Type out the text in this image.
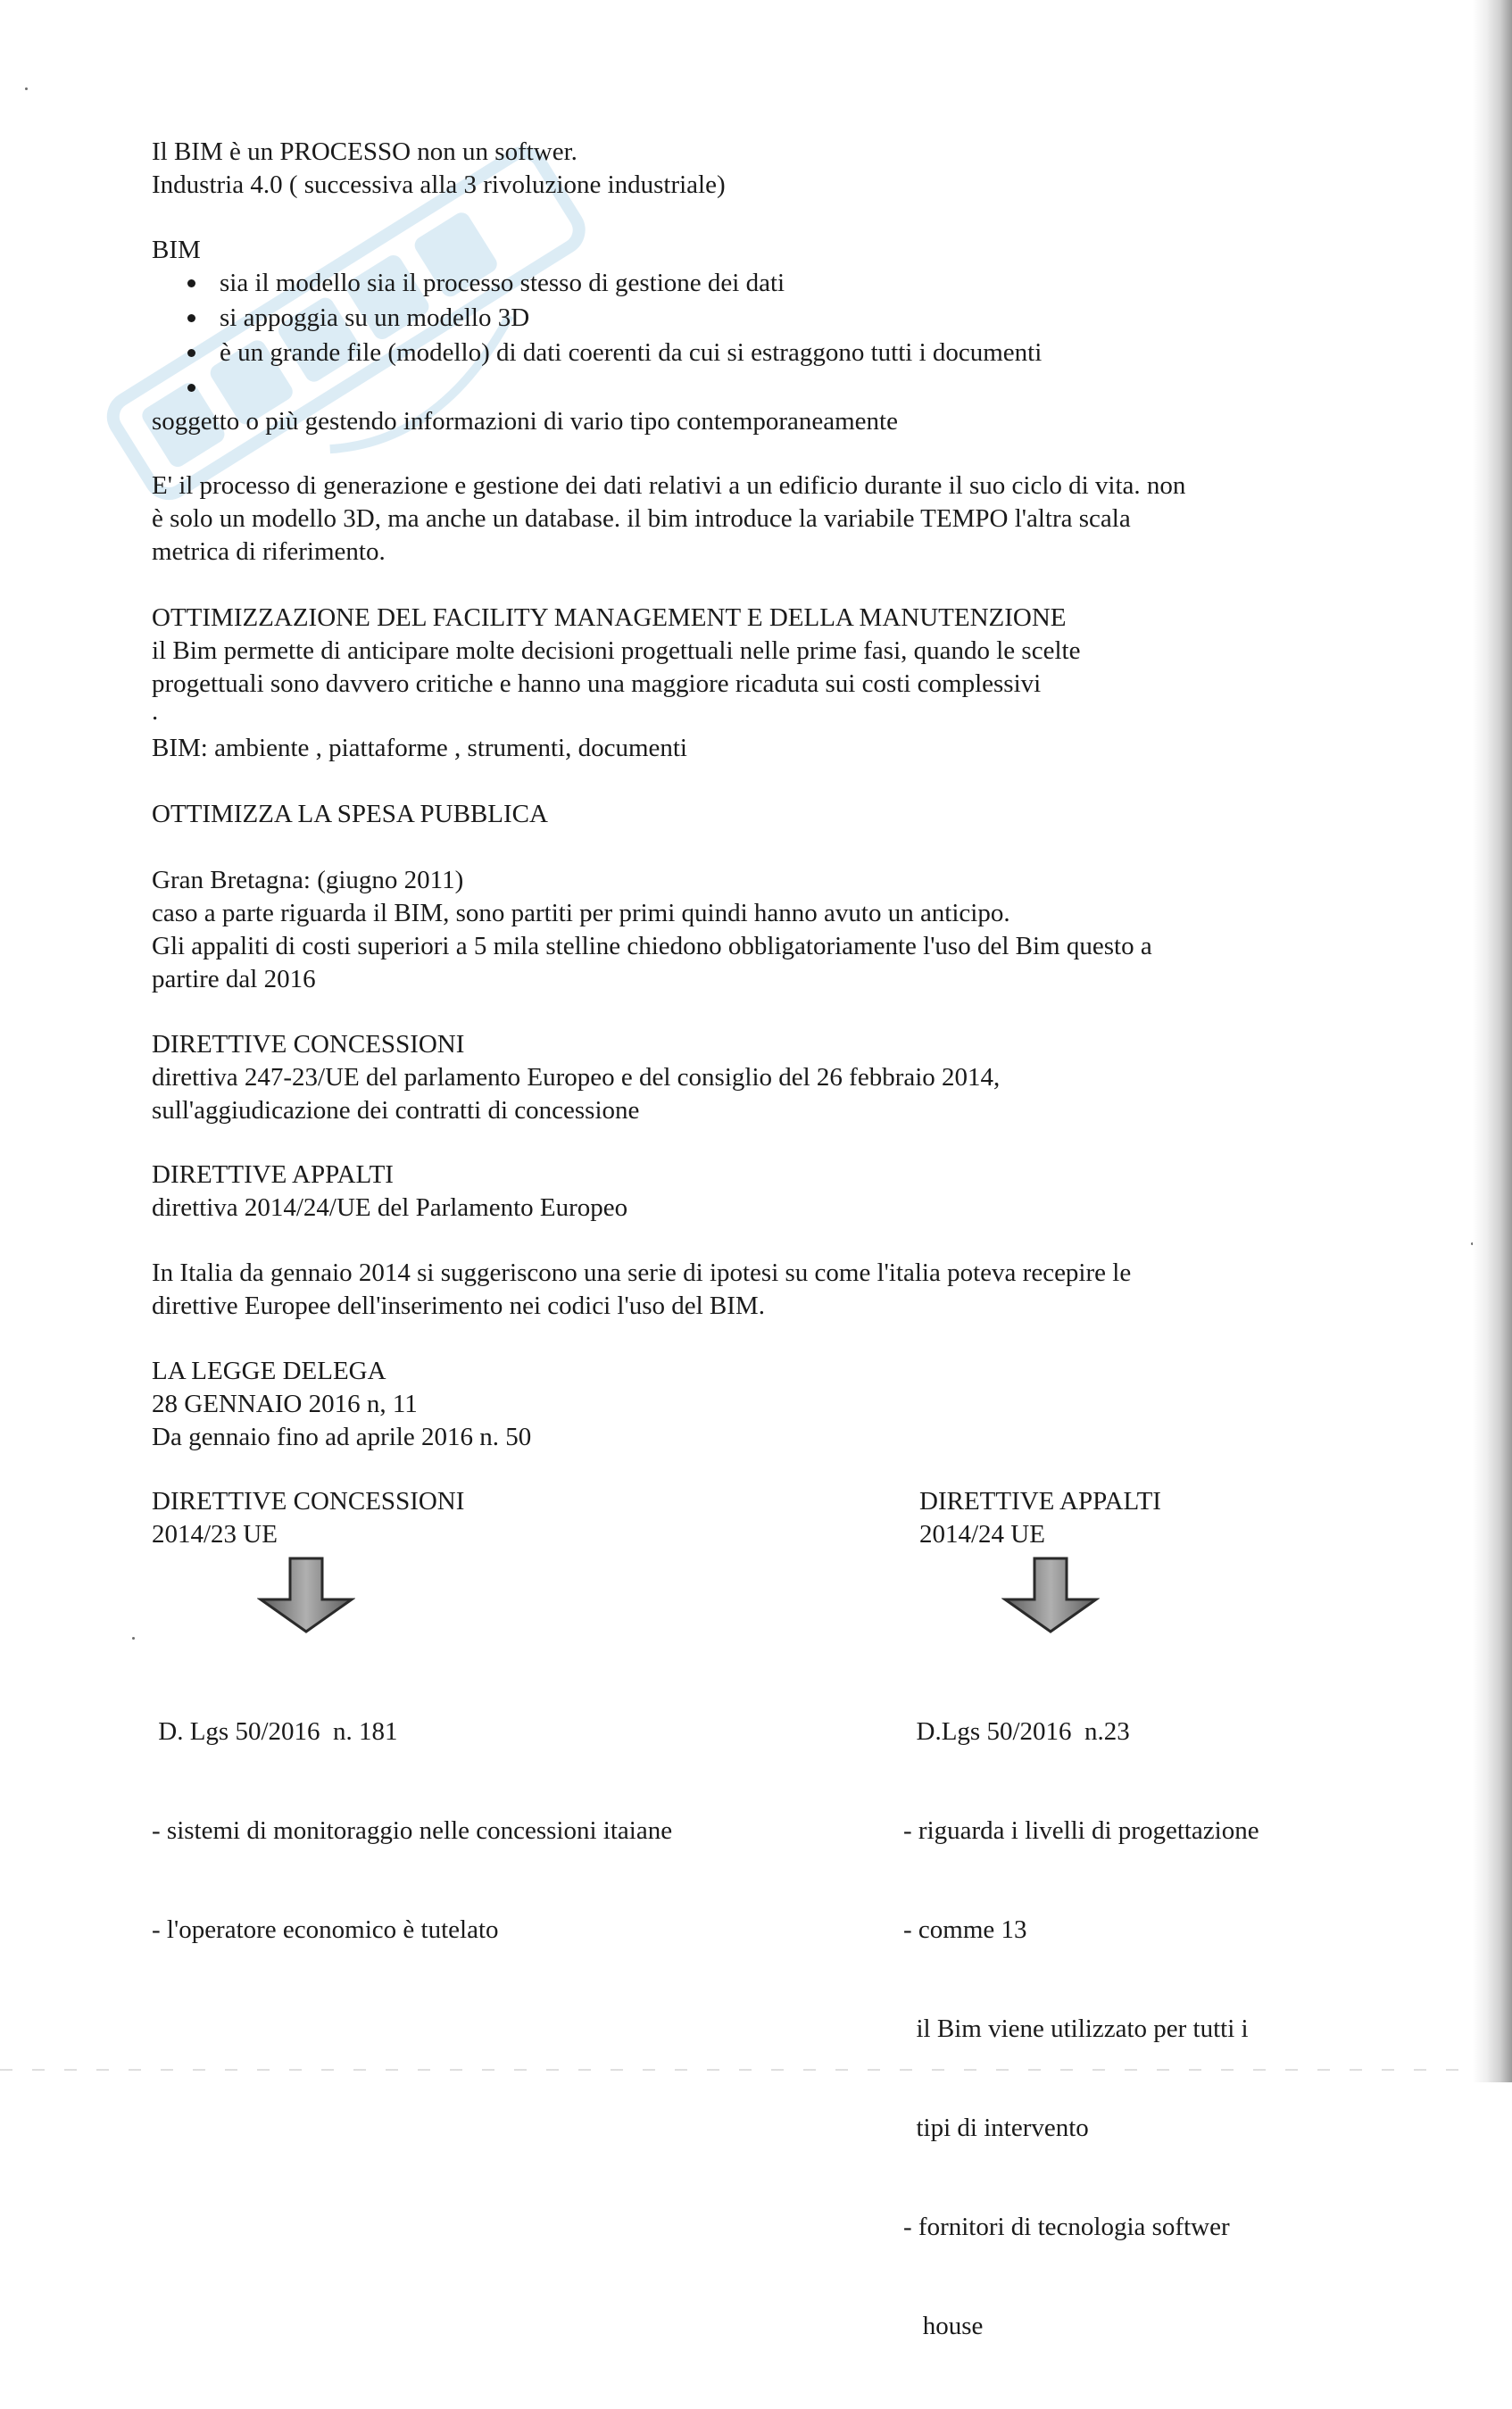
Il BIM è un PROCESSO non un softwer.
Industria 4.0 ( successiva alla 3 rivoluzione industriale)
BIM
sia il modello sia il processo stesso di gestione dei dati
si appoggia su un modello 3D
è un grande file (modello) di dati coerenti da cui si estraggono tutti i documenti
soggetto o più gestendo informazioni di vario tipo contemporaneamente
E' il processo di generazione e gestione dei dati relativi a un edificio durante il suo ciclo di vita. non
è solo un modello 3D, ma anche un database. il bim introduce la variabile TEMPO l'altra scala
metrica di riferimento.
OTTIMIZZAZIONE DEL FACILITY MANAGEMENT E DELLA MANUTENZIONE
il Bim permette di anticipare molte decisioni progettuali nelle prime fasi, quando le scelte
progettuali sono davvero critiche e hanno una maggiore ricaduta sui costi complessivi
.
BIM: ambiente , piattaforme , strumenti, documenti
OTTIMIZZA LA SPESA PUBBLICA
Gran Bretagna: (giugno 2011)
caso a parte riguarda il BIM, sono partiti per primi quindi hanno avuto un anticipo.
Gli appaliti di costi superiori a 5 mila stelline chiedono obbligatoriamente l'uso del Bim questo a
partire dal 2016
DIRETTIVE CONCESSIONI
direttiva 247-23/UE del parlamento Europeo e del consiglio del 26 febbraio 2014,
sull'aggiudicazione dei contratti di concessione
DIRETTIVE APPALTI
direttiva 2014/24/UE del Parlamento Europeo
In Italia da gennaio 2014 si suggeriscono una serie di ipotesi su come l'italia poteva recepire le
direttive Europee dell'inserimento nei codici l'uso del BIM.
LA LEGGE DELEGA
28 GENNAIO 2016 n, 11
Da gennaio fino ad aprile 2016 n. 50
DIRETTIVE CONCESSIONI
2014/23 UE
DIRETTIVE APPALTI
2014/24 UE

D. Lgs 50/2016  n. 181

- sistemi di monitoraggio nelle concessioni itaiane

- l'operatore economico è tutelato

D.Lgs 50/2016  n.23

- riguarda i livelli di progettazione

- comme 13

il Bim viene utilizzato per tutti i

tipi di intervento

- fornitori di tecnologia softwer

house
